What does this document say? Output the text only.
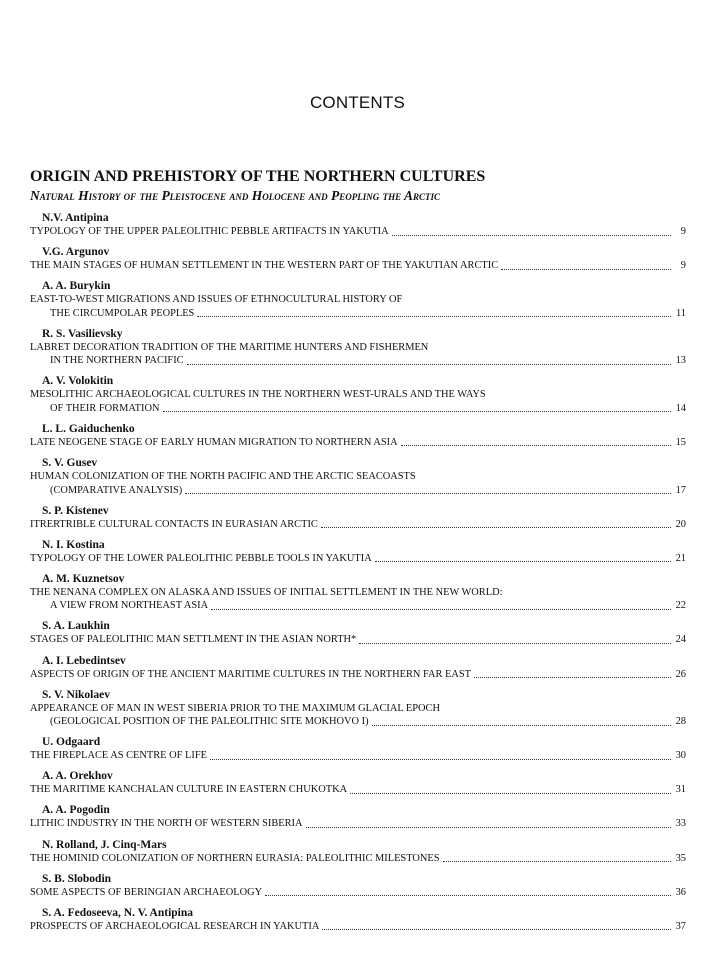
CONTENTS
ORIGIN AND PREHISTORY OF THE NORTHERN CULTURES
Natural History of the Pleistocene and Holocene and Peopling the Arctic
N.V. Antipina
TYPOLOGY OF THE UPPER PALEOLITHIC PEBBLE ARTIFACTS IN YAKUTIA	9
V.G. Argunov
THE MAIN STAGES OF HUMAN SETTLEMENT IN THE WESTERN PART OF THE YAKUTIAN ARCTIC	9
A. A. Burykin
EAST-TO-WEST MIGRATIONS AND ISSUES OF ETHNOCULTURAL HISTORY OF
THE CIRCUMPOLAR PEOPLES	11
R. S. Vasilievsky
LABRET DECORATION TRADITION OF THE MARITIME HUNTERS AND FISHERMEN
IN THE NORTHERN PACIFIC	13
A. V. Volokitin
MESOLITHIC ARCHAEOLOGICAL CULTURES IN THE NORTHERN WEST-URALS AND THE WAYS
OF THEIR FORMATION	14
L. L. Gaiduchenko
LATE NEOGENE STAGE OF EARLY HUMAN MIGRATION TO NORTHERN ASIA	15
S. V. Gusev
HUMAN COLONIZATION OF THE NORTH PACIFIC AND THE ARCTIC SEACOASTS
(COMPARATIVE ANALYSIS)	17
S. P. Kistenev
ITRERTRIBLE CULTURAL CONTACTS IN EURASIAN ARCTIC	20
N. I. Kostina
TYPOLOGY OF THE LOWER PALEOLITHIC PEBBLE TOOLS IN YAKUTIA	21
A. M. Kuznetsov
THE NENANA COMPLEX ON ALASKA AND ISSUES OF INITIAL SETTLEMENT IN THE NEW WORLD:
A VIEW FROM NORTHEAST ASIA	22
S. A. Laukhin
STAGES OF PALEOLITHIC MAN SETTLMENT IN THE ASIAN NORTH*	24
A. I. Lebedintsev
ASPECTS OF ORIGIN OF THE ANCIENT MARITIME CULTURES IN THE NORTHERN FAR EAST	26
S. V. Nikolaev
APPEARANCE OF MAN IN WEST SIBERIA PRIOR TO THE MAXIMUM GLACIAL EPOCH
(GEOLOGICAL POSITION OF THE PALEOLITHIC SITE MOKHOVO I)	28
U. Odgaard
THE FIREPLACE AS CENTRE OF LIFE	30
A. A. Orekhov
THE MARITIME KANCHALAN CULTURE IN EASTERN CHUKOTKA	31
A. A. Pogodin
LITHIC INDUSTRY IN THE NORTH OF WESTERN SIBERIA	33
N. Rolland, J. Cinq-Mars
THE HOMINID COLONIZATION OF NORTHERN EURASIA: PALEOLITHIC MILESTONES	35
S. B. Slobodin
SOME ASPECTS OF BERINGIAN ARCHAEOLOGY	36
S. A. Fedoseeva, N. V. Antipina
PROSPECTS OF ARCHAEOLOGICAL RESEARCH IN YAKUTIA	37
